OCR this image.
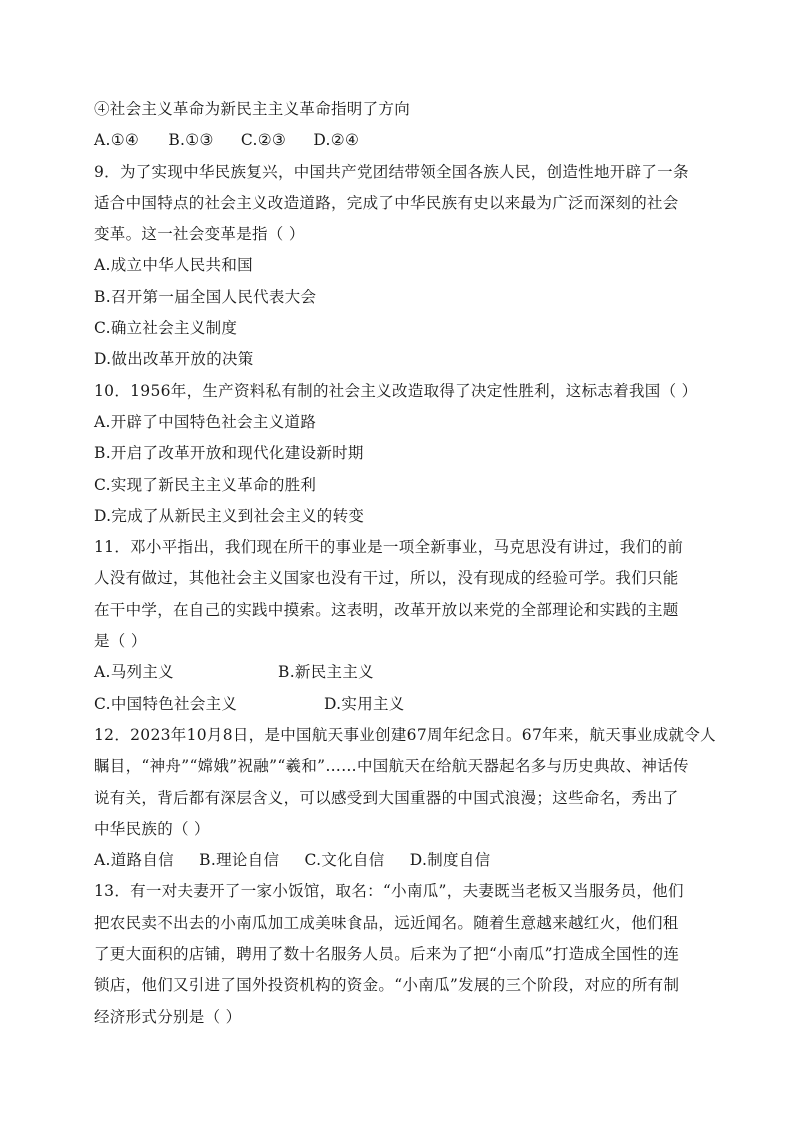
④社会主义革命为新民主主义革命指明了方向
A.①④ B.①③ C.②③ D.②④
9．为了实现中华民族复兴，中国共产党团结带领全国各族人民，创造性地开辟了一条
适合中国特点的社会主义改造道路，完成了中华民族有史以来最为广泛而深刻的社会
变革。这一社会变革是指（ ）
A.成立中华人民共和国
B.召开第一届全国人民代表大会
C.确立社会主义制度
D.做出改革开放的决策
10．1956年，生产资料私有制的社会主义改造取得了决定性胜利，这标志着我国（ ）
A.开辟了中国特色社会主义道路
B.开启了改革开放和现代化建设新时期
C.实现了新民主主义革命的胜利
D.完成了从新民主义到社会主义的转变
11．邓小平指出，我们现在所干的事业是一项全新事业，马克思没有讲过，我们的前
人没有做过，其他社会主义国家也没有干过，所以，没有现成的经验可学。我们只能
在干中学，在自己的实践中摸索。这表明，改革开放以来党的全部理论和实践的主题
是（ ）
A.马列主义	B.新民主主义
C.中国特色社会主义	D.实用主义
12．2023年10月8日，是中国航天事业创建67周年纪念日。67年来，航天事业成就令人
瞩目，“神舟”“嫦娥”祝融”“羲和”……中国航天在给航天器起名多与历史典故、神话传
说有关，背后都有深层含义，可以感受到大国重器的中国式浪漫；这些命名，秀出了
中华民族的（ ）
A.道路自信 B.理论自信 C.文化自信 D.制度自信
13．有一对夫妻开了一家小饭馆，取名：“小南瓜”，夫妻既当老板又当服务员，他们
把农民卖不出去的小南瓜加工成美味食品，远近闻名。随着生意越来越红火，他们租
了更大面积的店铺，聘用了数十名服务人员。后来为了把“小南瓜”打造成全国性的连
锁店，他们又引进了国外投资机构的资金。“小南瓜”发展的三个阶段，对应的所有制
经济形式分别是（ ）
